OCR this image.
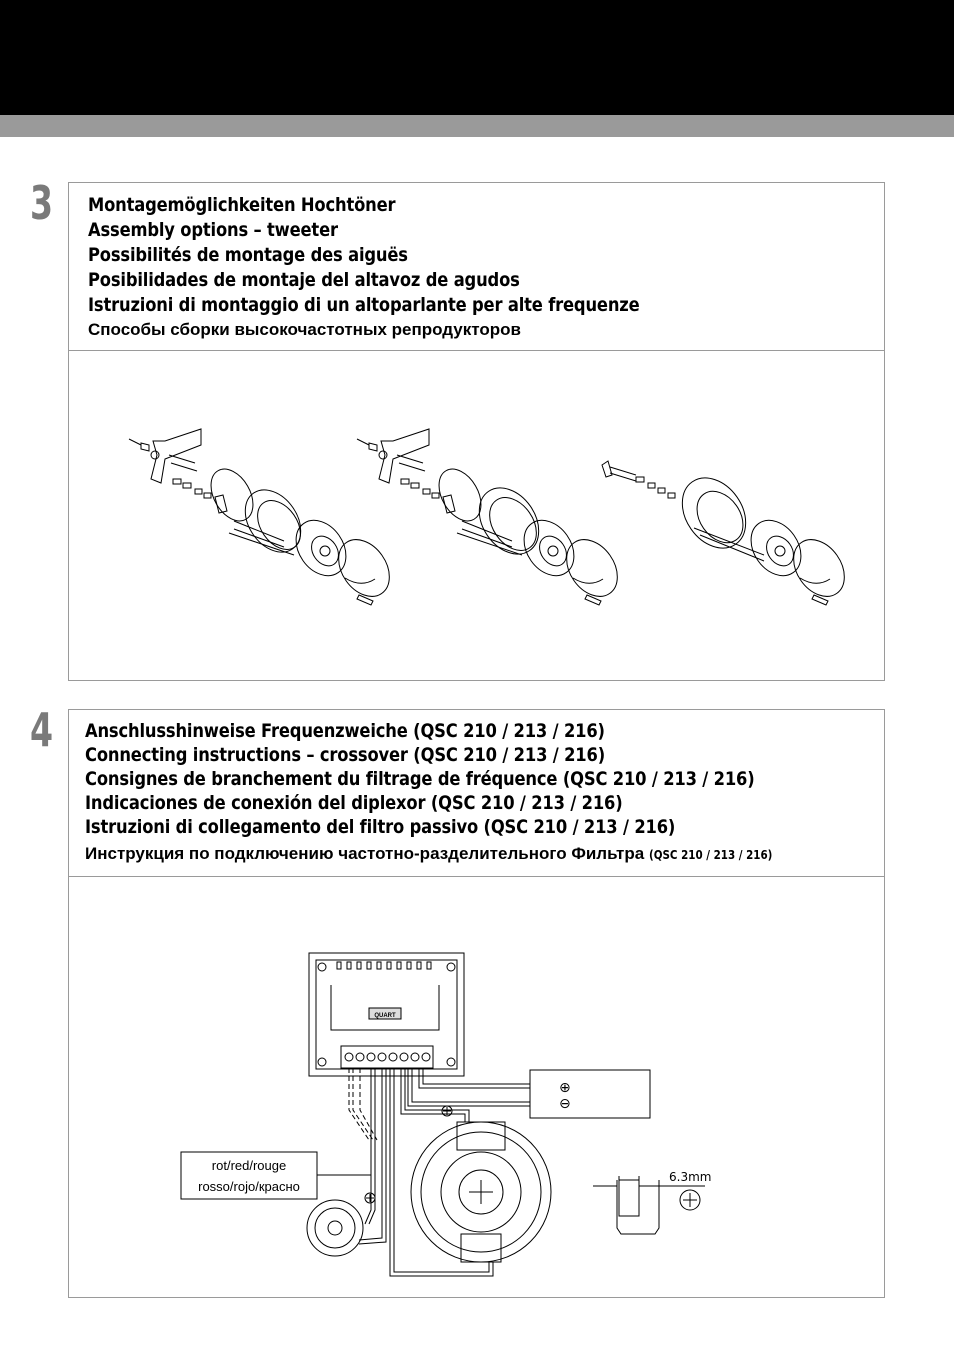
3 Montagemöglichkeiten Hochtöner
Assembly options – tweeter
Possibilités de montage des aiguës
Posibilidades de montaje del altavoz de agudos
Istruzioni di montaggio di un altoparlante per alte frequenze
Способы сборки высокочастотных репродукторов
4 Anschlusshinweise Frequenzweiche (QSC 210 / 213 / 216)
Connecting instructions – crossover (QSC 210 / 213 / 216)
Consignes de branchement du filtrage de fréquence (QSC 210 / 213 / 216)
Indicaciones de conexión del diplexor (QSC 210 / 213 / 216)
Istruzioni di collegamento del filtro passivo (QSC 210 / 213 / 216)
Инструкция по подключению частотно-разделительного Фильтра (QSC 210 / 213 / 216)
QUART
⊕
⊖
rot/red/rouge
rosso/rojo/красно
6.3mm
